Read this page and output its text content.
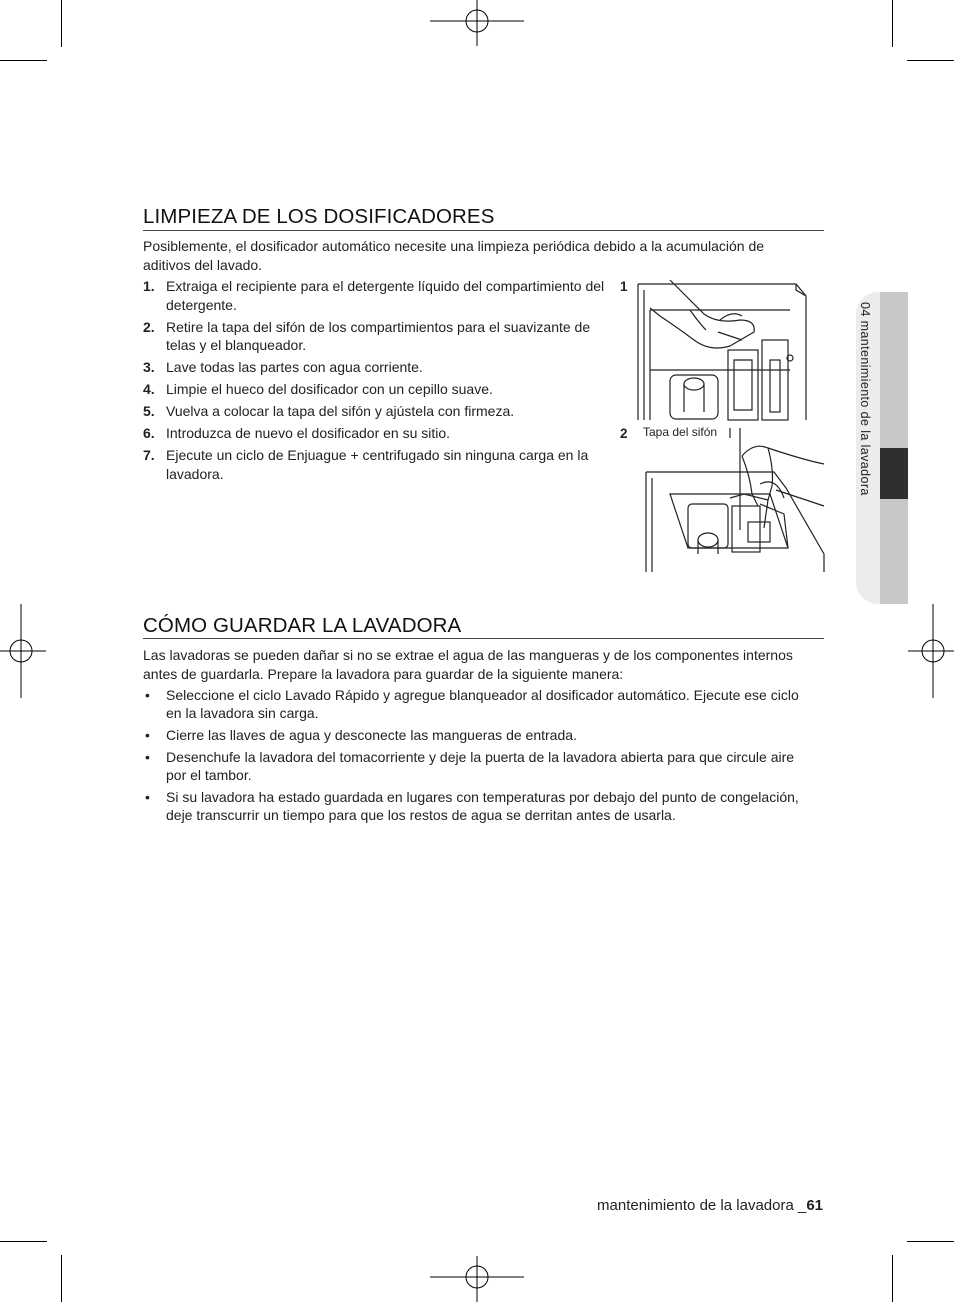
LIMPIEZA DE LOS DOSIFICADORES

Posiblemente, el dosificador automático necesite una limpieza periódica debido a la acumulación de aditivos del lavado.

1. Extraiga el recipiente para el detergente líquido del compartimiento del detergente.
2. Retire la tapa del sifón de los compartimientos para el suavizante de telas y el blanqueador.
3. Lave todas las partes con agua corriente.
4. Limpie el hueco del dosificador con un cepillo suave.
5. Vuelva a colocar la tapa del sifón y ajústela con firmeza.
6. Introduzca de nuevo el dosificador en su sitio.
7. Ejecute un ciclo de Enjuague + centrifugado sin ninguna carga en la lavadora.
1
2 Tapa del sifón
CÓMO GUARDAR LA LAVADORA

Las lavadoras se pueden dañar si no se extrae el agua de las mangueras y de los componentes internos antes de guardarla. Prepare la lavadora para guardar de la siguiente manera:

• Seleccione el ciclo Lavado Rápido y agregue blanqueador al dosificador automático. Ejecute ese ciclo en la lavadora sin carga.
• Cierre las llaves de agua y desconecte las mangueras de entrada.
• Desenchufe la lavadora del tomacorriente y deje la puerta de la lavadora abierta para que circule aire por el tambor.
• Si su lavadora ha estado guardada en lugares con temperaturas por debajo del punto de congelación, deje transcurrir un tiempo para que los restos de agua se derritan antes de usarla.
04 mantenimiento de la lavadora
mantenimiento de la lavadora _61
